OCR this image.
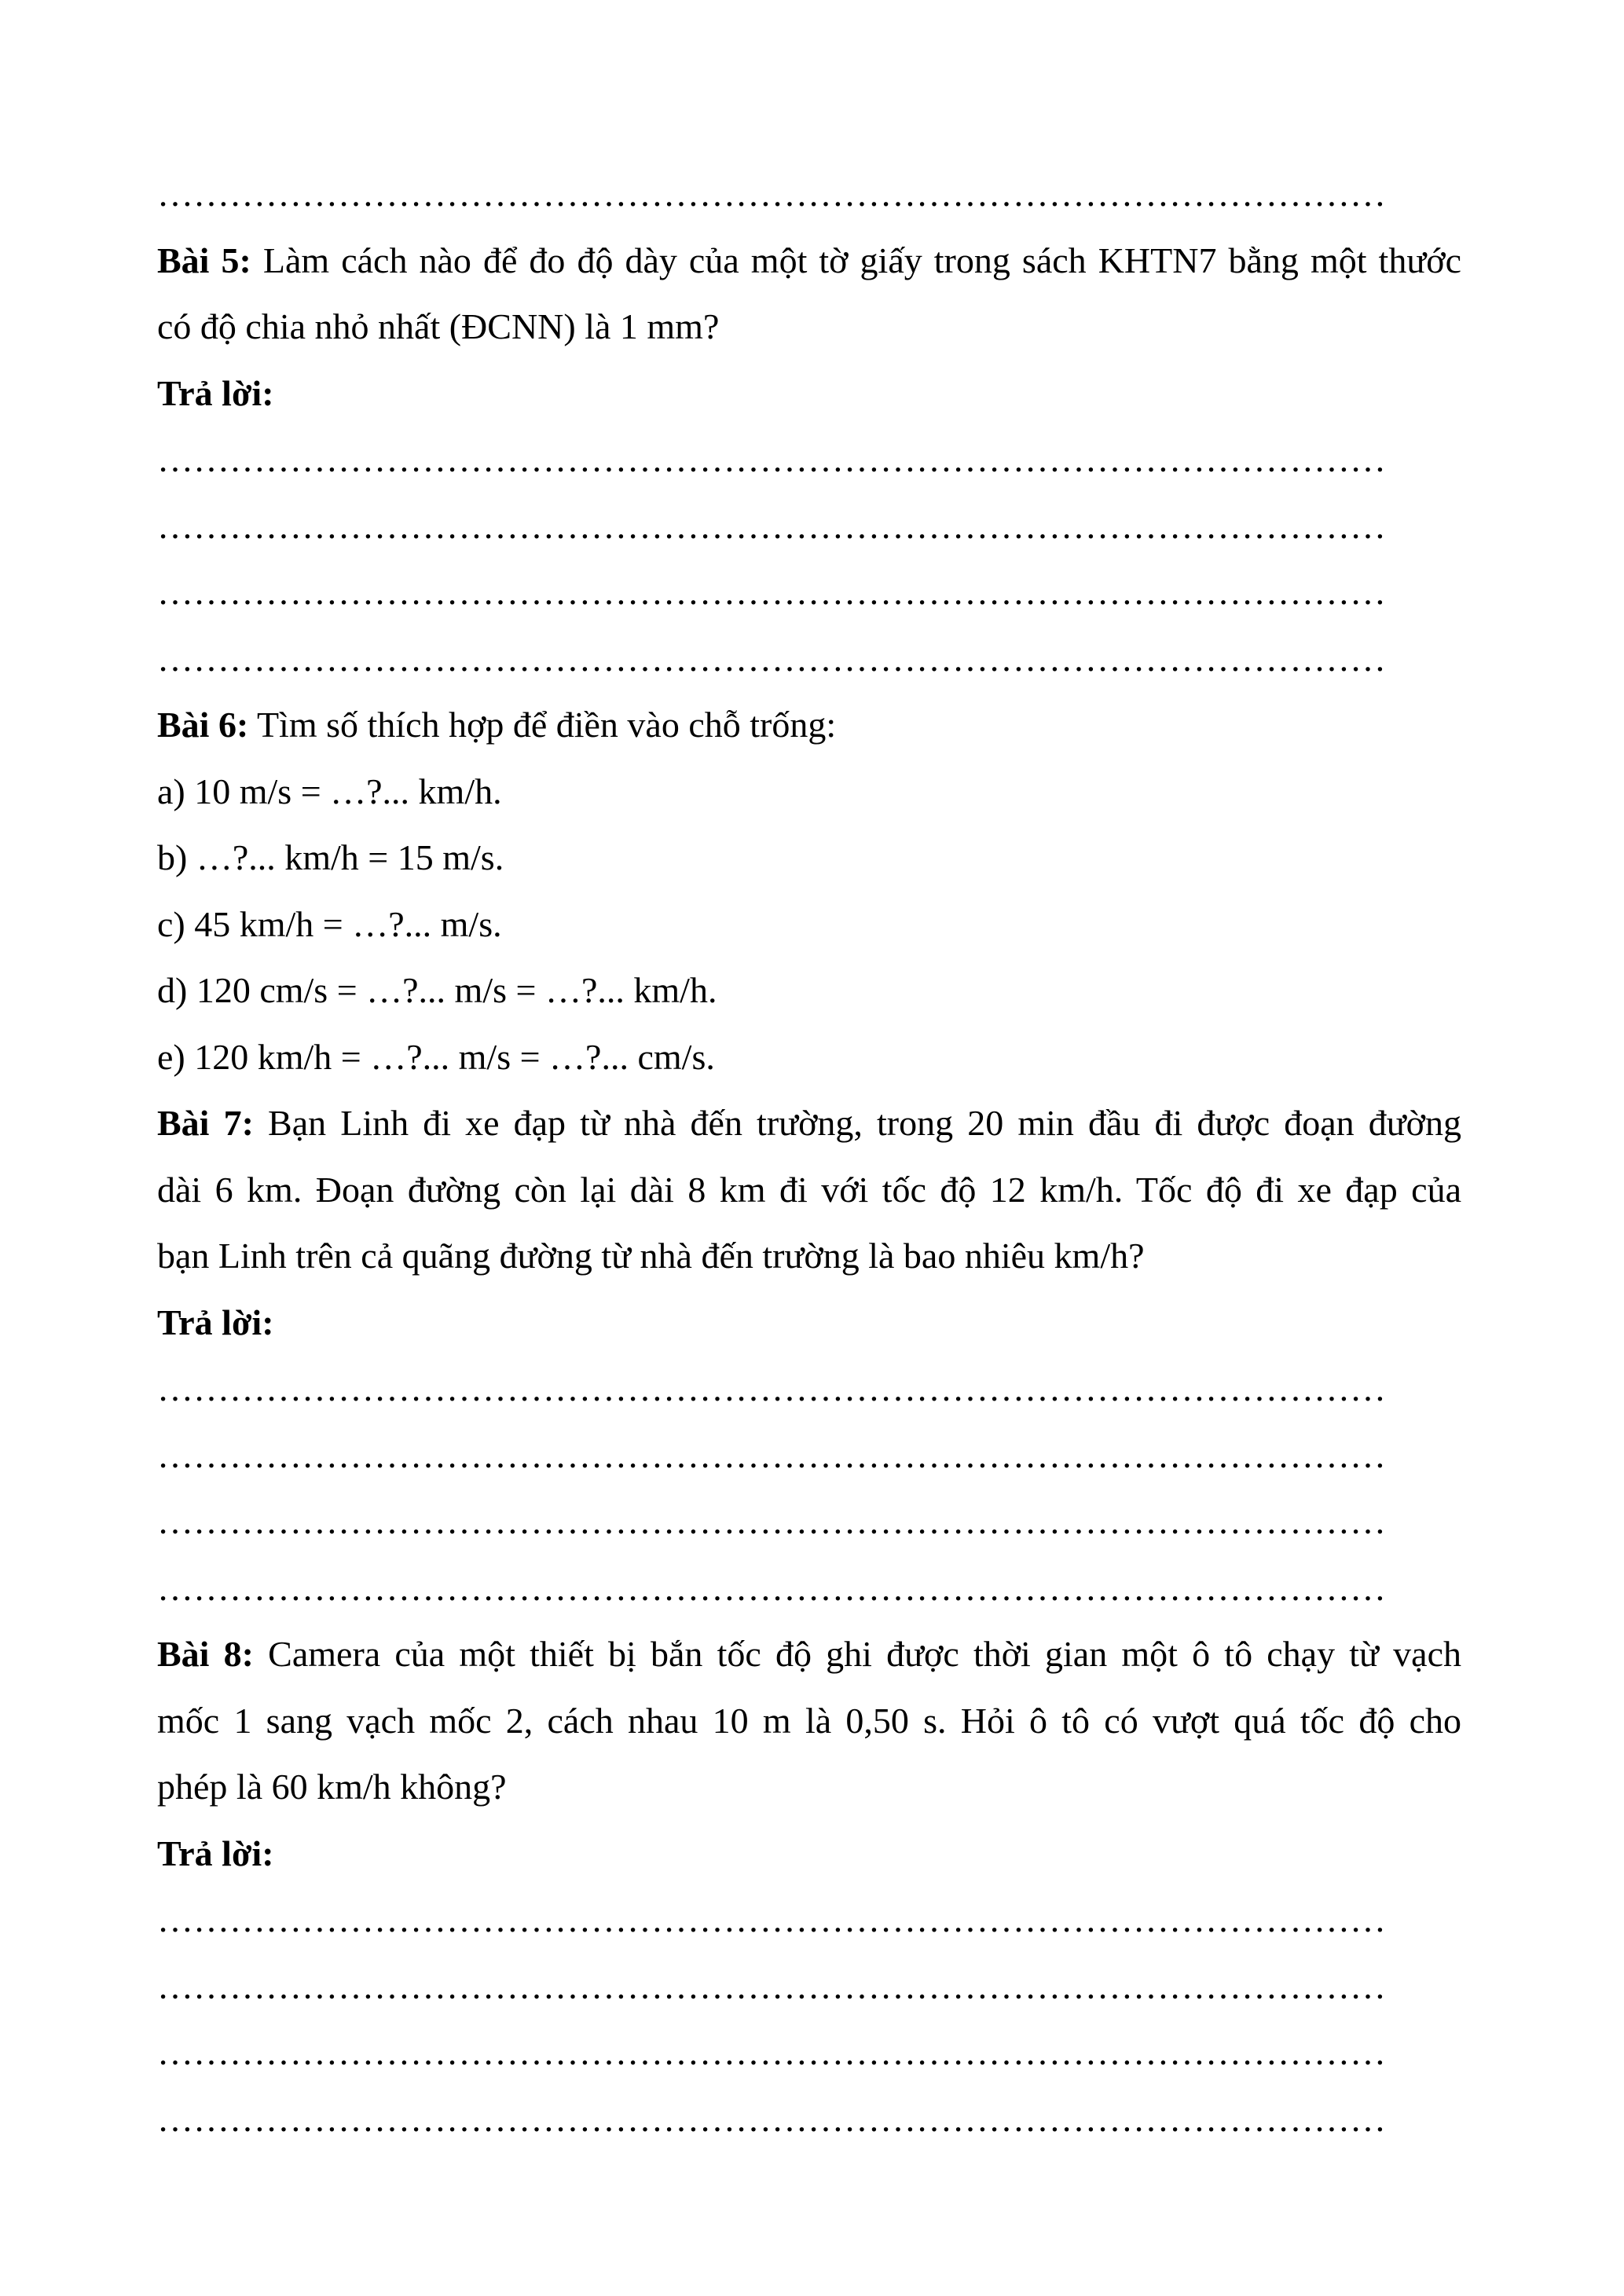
…………………………………………………………………………………………
Bài 5: Làm cách nào để đo độ dày của một tờ giấy trong sách KHTN7 bằng một thước
có độ chia nhỏ nhất (ĐCNN) là 1 mm?
Trả lời:
…………………………………………………………………………………………
…………………………………………………………………………………………
…………………………………………………………………………………………
…………………………………………………………………………………………
Bài 6: Tìm số thích hợp để điền vào chỗ trống:
a) 10 m/s = …?... km/h.
b) …?... km/h = 15 m/s.
c) 45 km/h = …?... m/s.
d) 120 cm/s = …?... m/s = …?... km/h.
e) 120 km/h = …?... m/s = …?... cm/s.
Bài 7: Bạn Linh đi xe đạp từ nhà đến trường, trong 20 min đầu đi được đoạn đường
dài 6 km. Đoạn đường còn lại dài 8 km đi với tốc độ 12 km/h. Tốc độ đi xe đạp của
bạn Linh trên cả quãng đường từ nhà đến trường là bao nhiêu km/h?
Trả lời:
…………………………………………………………………………………………
…………………………………………………………………………………………
…………………………………………………………………………………………
…………………………………………………………………………………………
Bài 8: Camera của một thiết bị bắn tốc độ ghi được thời gian một ô tô chạy từ vạch
mốc 1 sang vạch mốc 2, cách nhau 10 m là 0,50 s. Hỏi ô tô có vượt quá tốc độ cho
phép là 60 km/h không?
Trả lời:
…………………………………………………………………………………………
…………………………………………………………………………………………
…………………………………………………………………………………………
…………………………………………………………………………………………
